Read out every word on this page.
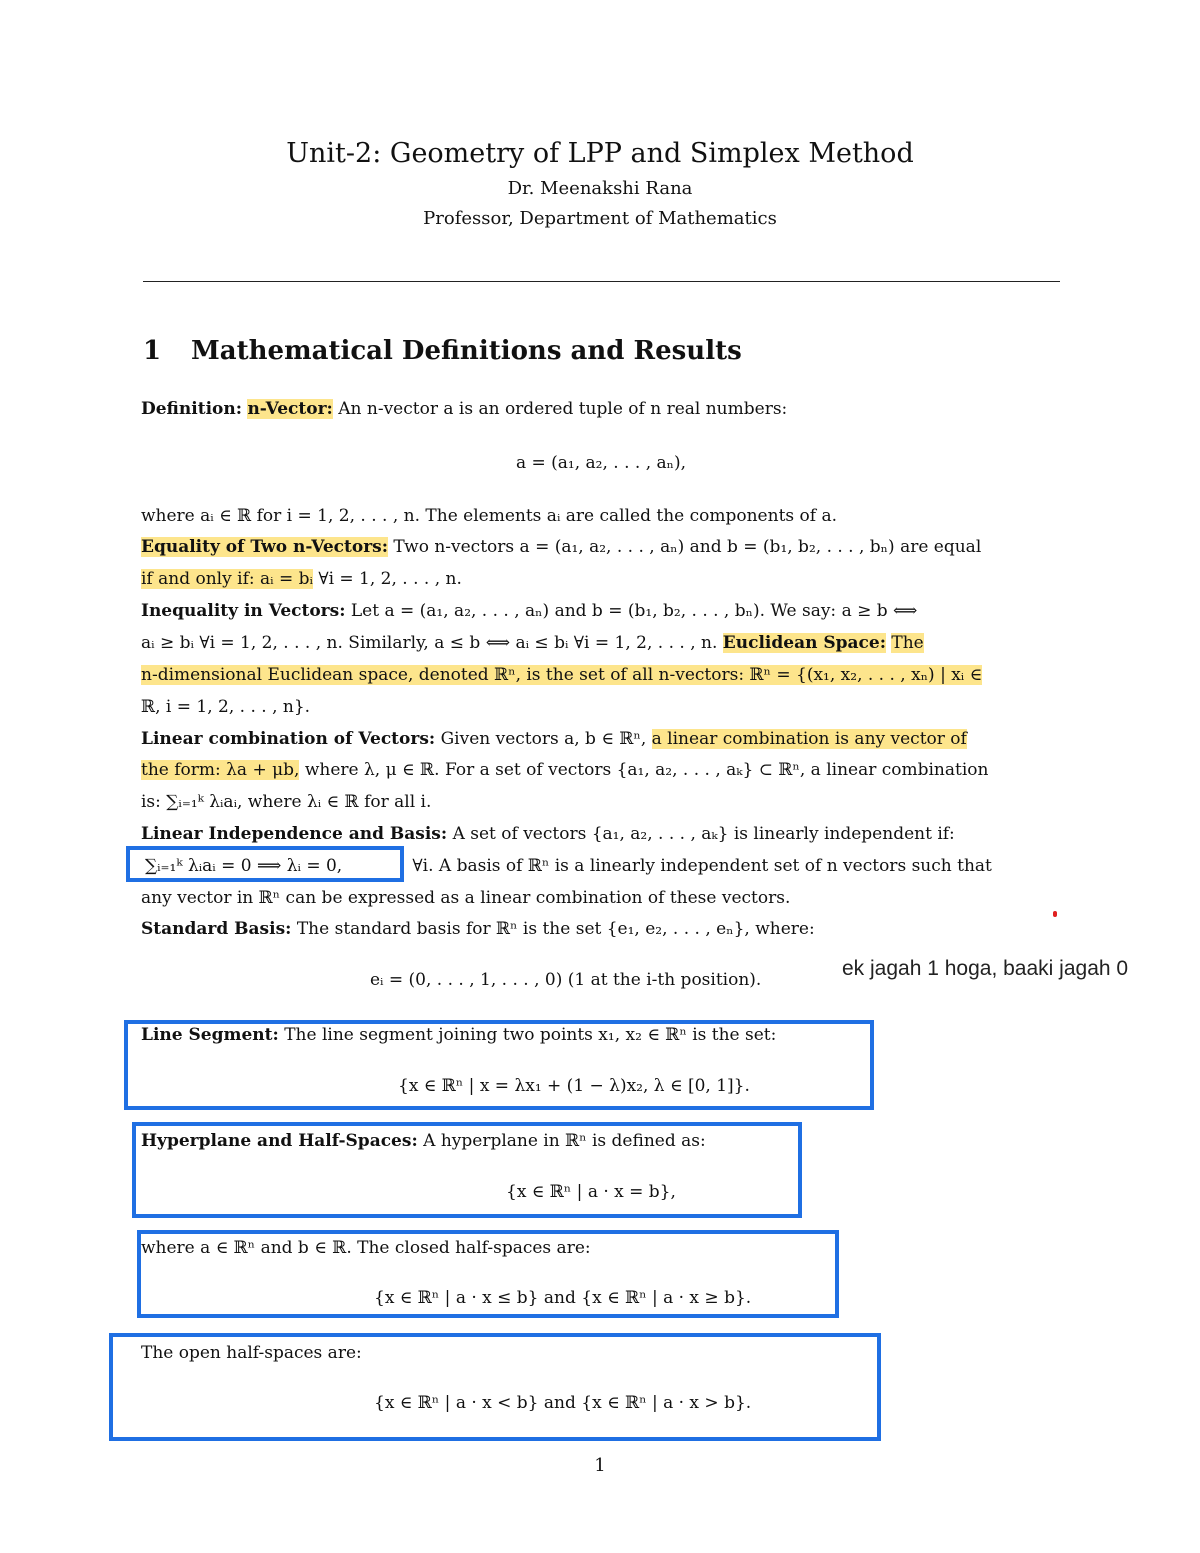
Unit-2: Geometry of LPP and Simplex Method
Dr. Meenakshi Rana
Professor, Department of Mathematics
1 Mathematical Definitions and Results
Definition: n-Vector: An n-vector a is an ordered tuple of n real numbers:
a = (a₁, a₂, . . . , aₙ),
where aᵢ ∈ ℝ for i = 1, 2, . . . , n. The elements aᵢ are called the components of a.
Equality of Two n-Vectors: Two n-vectors a = (a₁, a₂, . . . , aₙ) and b = (b₁, b₂, . . . , bₙ) are equal
if and only if: aᵢ = bᵢ ∀i = 1, 2, . . . , n.
Inequality in Vectors: Let a = (a₁, a₂, . . . , aₙ) and b = (b₁, b₂, . . . , bₙ). We say: a ≥ b ⟺
aᵢ ≥ bᵢ ∀i = 1, 2, . . . , n. Similarly, a ≤ b ⟺ aᵢ ≤ bᵢ ∀i = 1, 2, . . . , n. Euclidean Space: The
n-dimensional Euclidean space, denoted ℝⁿ, is the set of all n-vectors: ℝⁿ = {(x₁, x₂, . . . , xₙ) | xᵢ ∈
ℝ, i = 1, 2, . . . , n}.
Linear combination of Vectors: Given vectors a, b ∈ ℝⁿ, a linear combination is any vector of
the form: λa + μb, where λ, μ ∈ ℝ. For a set of vectors {a₁, a₂, . . . , aₖ} ⊂ ℝⁿ, a linear combination
is: ∑ᵢ₌₁ᵏ λᵢaᵢ, where λᵢ ∈ ℝ for all i.
Linear Independence and Basis: A set of vectors {a₁, a₂, . . . , aₖ} is linearly independent if:
∑ᵢ₌₁ᵏ λᵢaᵢ = 0 ⟹ λᵢ = 0,	∀i. A basis of ℝⁿ is a linearly independent set of n vectors such that
any vector in ℝⁿ can be expressed as a linear combination of these vectors.
Standard Basis: The standard basis for ℝⁿ is the set {e₁, e₂, . . . , eₙ}, where:
eᵢ = (0, . . . , 1, . . . , 0) (1 at the i-th position).	ek jagah 1 hoga, baaki jagah 0
Line Segment: The line segment joining two points x₁, x₂ ∈ ℝⁿ is the set:
{x ∈ ℝⁿ | x = λx₁ + (1 − λ)x₂, λ ∈ [0, 1]}.
Hyperplane and Half-Spaces: A hyperplane in ℝⁿ is defined as:
{x ∈ ℝⁿ | a · x = b},
where a ∈ ℝⁿ and b ∈ ℝ. The closed half-spaces are:
{x ∈ ℝⁿ | a · x ≤ b} and {x ∈ ℝⁿ | a · x ≥ b}.
The open half-spaces are:
{x ∈ ℝⁿ | a · x < b} and {x ∈ ℝⁿ | a · x > b}.
1
